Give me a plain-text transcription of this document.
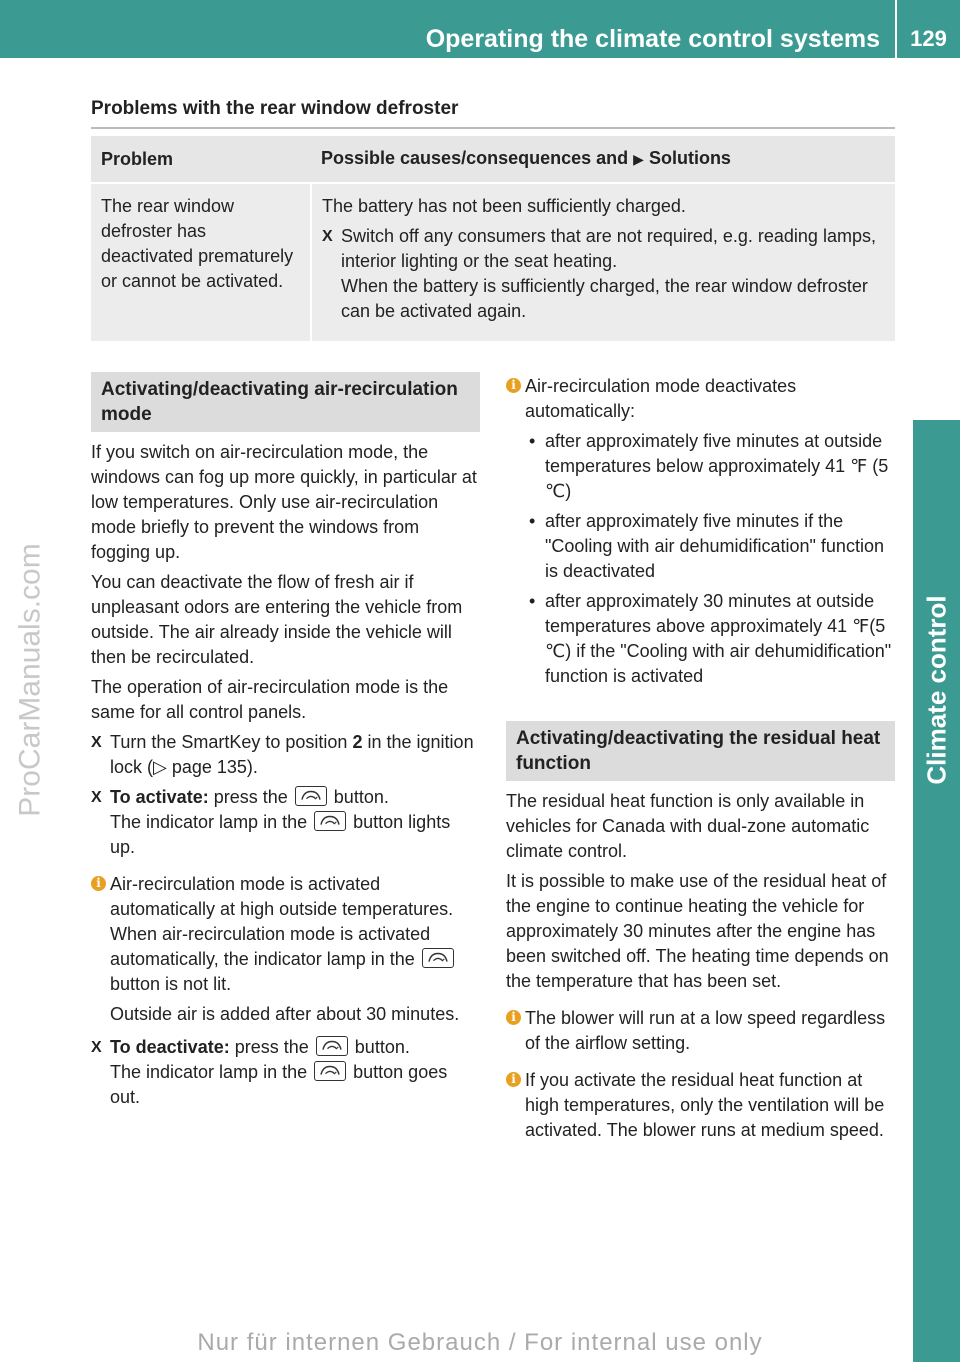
Operating the climate control systems	129
Climate control
ProCarManuals.com
Problems with the rear window defroster
Problem	Possible causes/consequences and ▶ Solutions
The rear window defroster has deactivated prematurely or cannot be activated.	The battery has not been sufficiently charged.

X Switch off any consumers that are not required, e.g. reading lamps, interior lighting or the seat heating.
When the battery is sufficiently charged, the rear window defroster can be activated again.
Activating/deactivating air-recirculation mode

If you switch on air-recirculation mode, the windows can fog up more quickly, in particular at low temperatures. Only use air-recirculation mode briefly to prevent the windows from fogging up.

You can deactivate the flow of fresh air if unpleasant odors are entering the vehicle from outside. The air already inside the vehicle will then be recirculated.

The operation of air-recirculation mode is the same for all control panels.

X Turn the SmartKey to position 2 in the ignition lock (▷ page 135).
X To activate: press the	button.
The indicator lamp in the	button lights up.
i Air-recirculation mode is activated automatically at high outside temperatures. When air-recirculation mode is activated automatically, the indicator lamp in the
button is not lit.

Outside air is added after about 30 minutes.

X To deactivate: press the	button.
The indicator lamp in the	button goes out.
i Air-recirculation mode deactivates automatically:

• after approximately five minutes at outside temperatures below approximately 41 ℉ (5 ℃)
• after approximately five minutes if the "Cooling with air dehumidification" function is deactivated
• after approximately 30 minutes at outside temperatures above approximately 41 ℉(5 ℃) if the "Cooling with air dehumidification" function is activated
Activating/deactivating the residual heat function

The residual heat function is only available in vehicles for Canada with dual-zone automatic climate control.

It is possible to make use of the residual heat of the engine to continue heating the vehicle for approximately 30 minutes after the engine has been switched off. The heating time depends on the temperature that has been set.

i The blower will run at a low speed regardless of the airflow setting.
i If you activate the residual heat function at high temperatures, only the ventilation will be activated. The blower runs at medium speed.
Nur für internen Gebrauch / For internal use only
